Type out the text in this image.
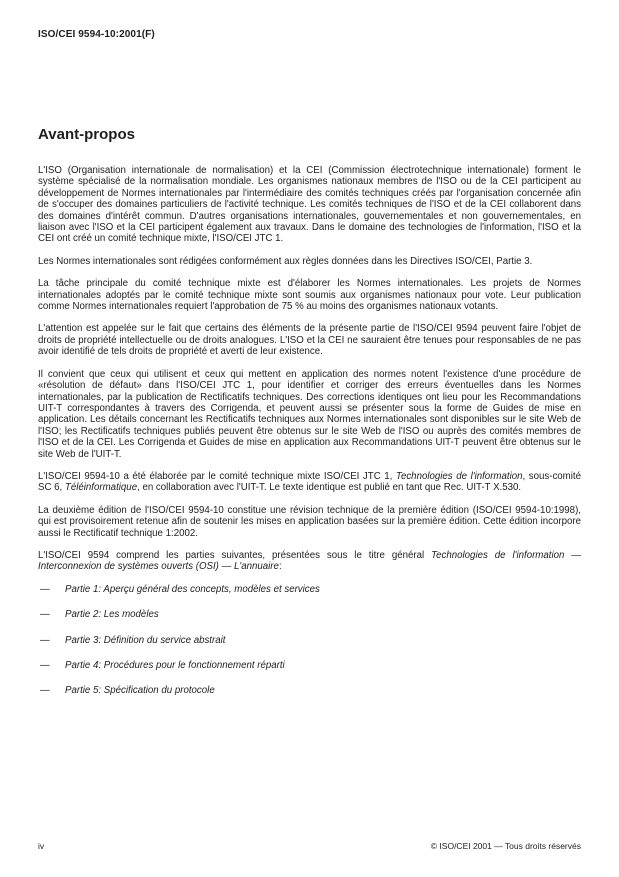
ISO/CEI 9594-10:2001(F)
Avant-propos

L'ISO (Organisation internationale de normalisation) et la CEI (Commission électrotechnique internationale) forment le système spécialisé de la normalisation mondiale. Les organismes nationaux membres de l'ISO ou de la CEI participent au développement de Normes internationales par l'intermédiaire des comités techniques créés par l'organisation concernée afin de s'occuper des domaines particuliers de l'activité technique. Les comités techniques de l'ISO et de la CEI collaborent dans des domaines d'intérêt commun. D'autres organisations internationales, gouvernementales et non gouvernementales, en liaison avec l'ISO et la CEI participent également aux travaux. Dans le domaine des technologies de l'information, l'ISO et la CEI ont créé un comité technique mixte, l'ISO/CEI JTC 1.

Les Normes internationales sont rédigées conformément aux règles données dans les Directives ISO/CEI, Partie 3.

La tâche principale du comité technique mixte est d'élaborer les Normes internationales. Les projets de Normes internationales adoptés par le comité technique mixte sont soumis aux organismes nationaux pour vote. Leur publication comme Normes internationales requiert l'approbation de 75 % au moins des organismes nationaux votants.

L'attention est appelée sur le fait que certains des éléments de la présente partie de l'ISO/CEI 9594 peuvent faire l'objet de droits de propriété intellectuelle ou de droits analogues. L'ISO et la CEI ne sauraient être tenues pour responsables de ne pas avoir identifié de tels droits de propriété et averti de leur existence.

Il convient que ceux qui utilisent et ceux qui mettent en application des normes notent l'existence d'une procédure de «résolution de défaut» dans l'ISO/CEI JTC 1, pour identifier et corriger des erreurs éventuelles dans les Normes internationales, par la publication de Rectificatifs techniques. Des corrections identiques ont lieu pour les Recommandations UIT-T correspondantes à travers des Corrigenda, et peuvent aussi se présenter sous la forme de Guides de mise en application. Les détails concernant les Rectificatifs techniques aux Normes internationales sont disponibles sur le site Web de l'ISO; les Rectificatifs techniques publiés peuvent être obtenus sur le site Web de l'ISO ou auprès des comités membres de l'ISO et de la CEI. Les Corrigenda et Guides de mise en application aux Recommandations UIT-T peuvent être obtenus sur le site Web de l'UIT-T.

L'ISO/CEI 9594-10 a été élaborée par le comité technique mixte ISO/CEI JTC 1, Technologies de l'information, sous-comité SC 6, Téléinformatique, en collaboration avec l'UIT-T. Le texte identique est publié en tant que Rec. UIT-T X.530.

La deuxième édition de l'ISO/CEI 9594-10 constitue une révision technique de la première édition (ISO/CEI 9594-10:1998), qui est provisoirement retenue afin de soutenir les mises en application basées sur la première édition. Cette édition incorpore aussi le Rectificatif technique 1:2002.

L'ISO/CEI 9594 comprend les parties suivantes, présentées sous le titre général Technologies de l'information — Interconnexion de systèmes ouverts (OSI) — L'annuaire:

—	Partie 1: Aperçu général des concepts, modèles et services
—	Partie 2: Les modèles
—	Partie 3: Définition du service abstrait
—	Partie 4: Procédures pour le fonctionnement réparti
—	Partie 5: Spécification du protocole
iv	© ISO/CEI 2001 — Tous droits réservés
